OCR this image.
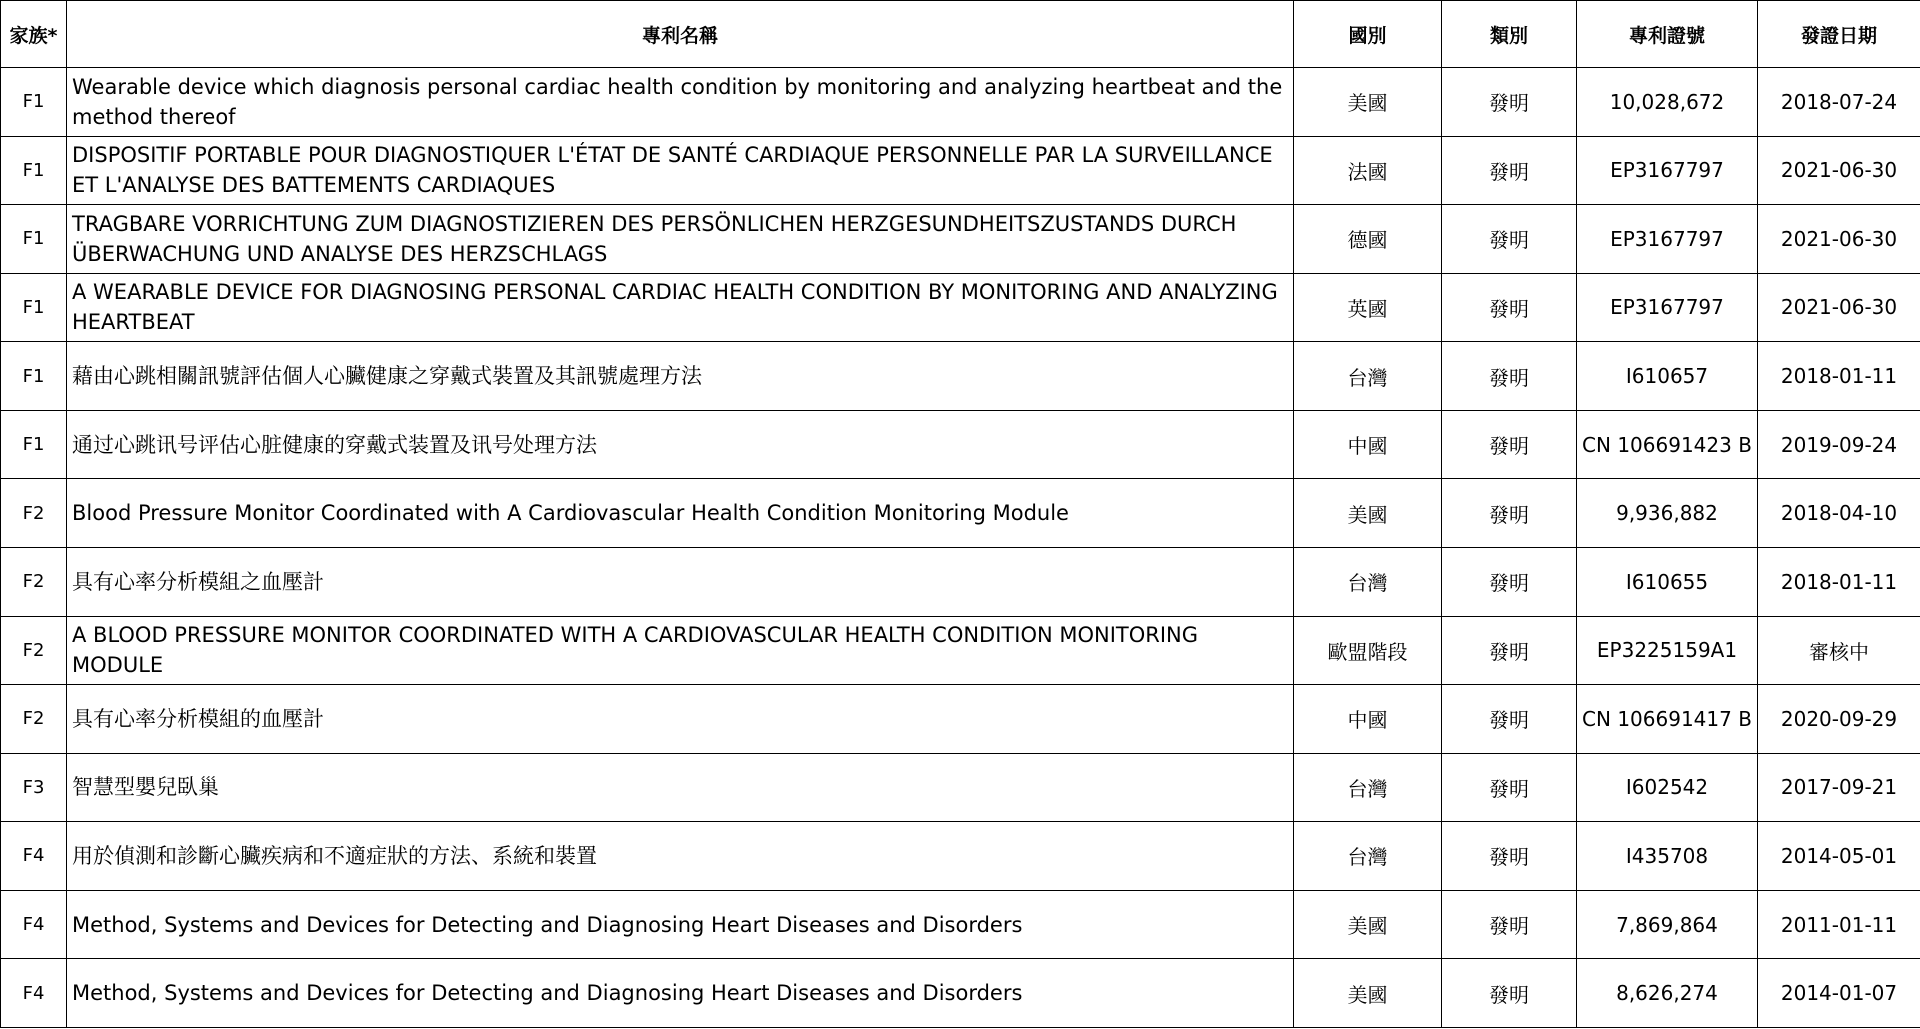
家族*	專利名稱	國別	類別	專利證號	發證日期
F1	Wearable device which diagnosis personal cardiac health condition by monitoring and analyzing heartbeat and the method thereof	美國	發明	10,028,672	2018-07-24
F1	DISPOSITIF PORTABLE POUR DIAGNOSTIQUER L'ÉTAT DE SANTÉ CARDIAQUE PERSONNELLE PAR LA SURVEILLANCE ET L'ANALYSE DES BATTEMENTS CARDIAQUES	法國	發明	EP3167797	2021-06-30
F1	TRAGBARE VORRICHTUNG ZUM DIAGNOSTIZIEREN DES PERSÖNLICHEN HERZGESUNDHEITSZUSTANDS DURCH ÜBERWACHUNG UND ANALYSE DES HERZSCHLAGS	德國	發明	EP3167797	2021-06-30
F1	A WEARABLE DEVICE FOR DIAGNOSING PERSONAL CARDIAC HEALTH CONDITION BY MONITORING AND ANALYZING HEARTBEAT	英國	發明	EP3167797	2021-06-30
F1	藉由心跳相關訊號評估個人心臟健康之穿戴式裝置及其訊號處理方法	台灣	發明	I610657	2018-01-11
F1	通过心跳讯号评估心脏健康的穿戴式装置及讯号处理方法	中國	發明	CN 106691423 B	2019-09-24
F2	Blood Pressure Monitor Coordinated with A Cardiovascular Health Condition Monitoring Module	美國	發明	9,936,882	2018-04-10
F2	具有心率分析模組之血壓計	台灣	發明	I610655	2018-01-11
F2	A BLOOD PRESSURE MONITOR COORDINATED WITH A CARDIOVASCULAR HEALTH CONDITION MONITORING MODULE	歐盟階段	發明	EP3225159A1	審核中
F2	具有心率分析模組的血壓計	中國	發明	CN 106691417 B	2020-09-29
F3	智慧型嬰兒臥巢	台灣	發明	I602542	2017-09-21
F4	用於偵測和診斷心臟疾病和不適症狀的方法、系統和裝置	台灣	發明	I435708	2014-05-01
F4	Method, Systems and Devices for Detecting and Diagnosing Heart Diseases and Disorders	美國	發明	7,869,864	2011-01-11
F4	Method, Systems and Devices for Detecting and Diagnosing Heart Diseases and Disorders	美國	發明	8,626,274	2014-01-07
